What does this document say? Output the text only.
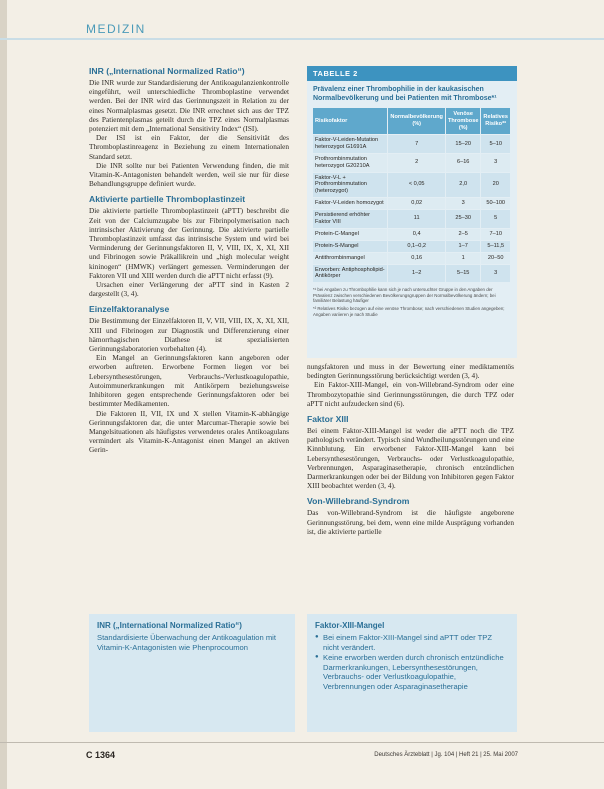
MEDIZIN
INR („International Normalized Ratio“)

Die INR wurde zur Standardisierung der Antikoagulanzienkontrolle eingeführt, weil unterschiedliche Thromboplastine verwendet werden. Bei der INR wird das Gerinnungszeit in Relation zu der eines Normalplasmas gesetzt. Die INR errechnet sich aus der TPZ des Patientenplasmas geteilt durch die TPZ eines Normalplasmas potenziert mit dem „International Sensitivity Index“ (ISI).

Der ISI ist ein Faktor, der die Sensitivität des Thromboplastinreagenz in Beziehung zu einem Internationalen Standard setzt.

Die INR sollte nur bei Patienten Verwendung finden, die mit Vitamin-K-Antagonisten behandelt werden, weil sie nur für diese Behandlungsgruppe definiert wurde.

Aktivierte partielle Thromboplastinzeit

Die aktivierte partielle Thromboplastinzeit (aPTT) beschreibt die Zeit von der Calciumzugabe bis zur Fibrinpolymerisation nach intrinsischer Aktivierung der Gerinnung. Die aktivierte partielle Thromboplastinzeit umfasst das intrinsische System und wird bei Verminderung der Gerinnungsfaktoren II, V, VIII, IX, X, XI, XII und Fibrinogen sowie Präkallikrein und „high molecular weight kininogen“ (HMWK) verlängert gemessen. Verminderungen der Faktoren VII und XIII werden durch die aPTT nicht erfasst (9).

Ursachen einer Verlängerung der aPTT sind in Kasten 2 dargestellt (3, 4).

Einzelfaktoranalyse

Die Bestimmung der Einzelfaktoren II, V, VII, VIII, IX, X, XI, XII, XIII und Fibrinogen zur Diagnostik und Differenzierung einer hämorrhagischen Diathese ist spezialisierten Gerinnungslaboratorien vorbehalten (4).

Ein Mangel an Gerinnungsfaktoren kann angeboren oder erworben auftreten. Erworbene Formen liegen vor bei Lebersynthesestörungen, Verbrauchs-/Verlustkoagulopathie, Autoimmunerkrankungen mit Antikörpern beziehungsweise Inhibitoren gegen entsprechende Gerinnungsfaktoren oder bei bestimmter Medikamenten.

Die Faktoren II, VII, IX und X stellen Vitamin-K-abhängige Gerinnungsfaktoren dar, die unter Marcumar-Therapie sowie bei Mangelsituationen als häufigstes verwendetes orales Antikoagulans vermindert als Vitamin-K-Antagonist einen Mangel an aktiven Gerin-

TABELLE 2
Prävalenz einer Thrombophilie in der kaukasischen Normalbevölkerung und bei Patienten mit Thrombose*¹
Risikofaktor	Normalbevölkerung (%)	Venöse Thrombose (%)	Relatives Risiko*²
Faktor-V-Leiden-Mutation heterozygot G1691A	7	15–20	5–10
Prothrombinmutation heterozygot G20210A	2	6–16	3
Faktor-V-L + Prothrombinmutation (heterozygot)	< 0,05	2,0	20
Faktor-V-Leiden homozygot	0,02	3	50–100
Persistierend erhöhter Faktor VIII	11	25–30	5
Protein-C-Mangel	0,4	2–5	7–10
Protein-S-Mangel	0,1–0,2	1–7	5–11,5
Antithrombinmangel	0,16	1	20–50
Erworben: Antiphospholipid-Antikörper	1–2	5–15	3
*¹ bei Angaben zu Thrombophilie kann sich je nach untersuchter Gruppe in den Angaben der Prävalenz zwischen verschiedenen Bevölkerungsgruppen der Normalbevölkerung ändern; bei familiärer Belastung häufiger
*² Relatives Risiko bezogen auf eine venöse Thrombose; nach verschiedenen Studien angegeben; Angaben variieren je nach Studie

nungsfaktoren und muss in der Bewertung einer mediktamentös bedingten Gerinnungsstörung berücksichtigt werden (3, 4).

Ein Faktor-XIII-Mangel, ein von-Willebrand-Syndrom oder eine Thrombozytopathie sind Gerinnungsstörungen, die durch TPZ oder aPTT nicht aufzudecken sind (6).

Faktor XIII

Bei einem Faktor-XIII-Mangel ist weder die aPTT noch die TPZ pathologisch verändert. Typisch sind Wundheilungsstörungen und eine Kinnblutung. Ein erworbener Faktor-XIII-Mangel kann bei Lebersynthesestörungen, Verbrauchs- oder Verlustkoagulopathie, Verbrennungen, Asparaginasetherapie, chronisch entzündlichen Darmerkrankungen oder bei der Bildung von Inhibitoren gegen Faktor XIII beobachtet werden (3, 4).

Von-Willebrand-Syndrom

Das von-Willebrand-Syndrom ist die häufigste angeborene Gerinnungsstörung, bei dem, wenn eine milde Ausprägung vorhanden ist, die aktivierte partielle

INR („International Normalized Ratio“)
Standardisierte Überwachung der Antikoagulation mit Vitamin-K-Antagonisten wie Phenprocoumon
Faktor-XIII-Mangel
● Bei einem Faktor-XIII-Mangel sind aPTT oder TPZ nicht verändert.
● Keine erworben werden durch chronisch entzündliche Darmerkrankungen, Lebersynthesestörungen, Verbrauchs- oder Verlustkoagulopathie, Verbrennungen oder Asparaginasetherapie
C 1364	Deutsches Ärzteblatt | Jg. 104 | Heft 21 | 25. Mai 2007
